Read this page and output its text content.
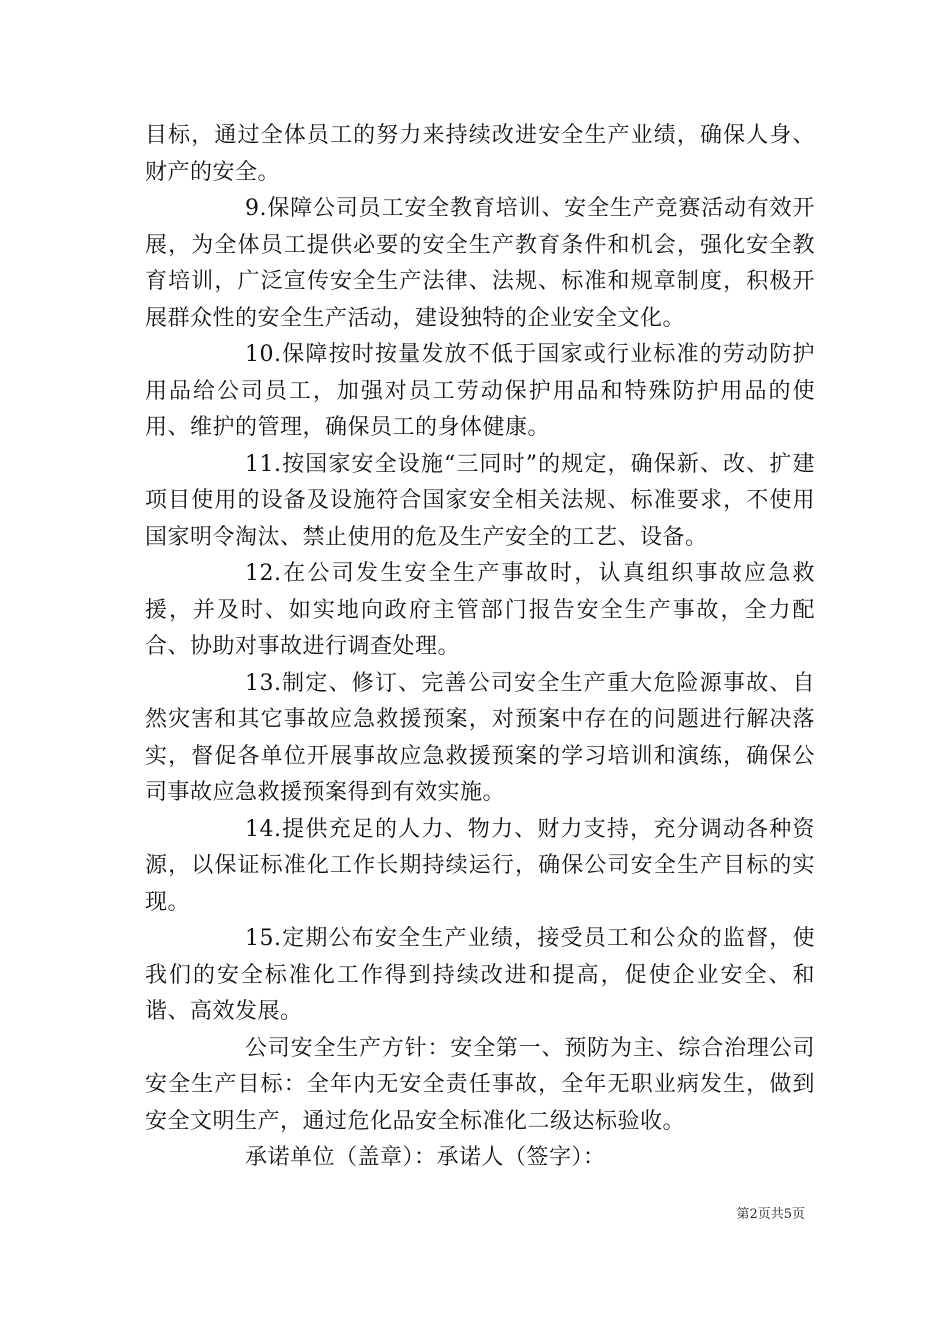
目标，通过全体员工的努力来持续改进安全生产业绩，确保人身、财产的安全。

9.保障公司员工安全教育培训、安全生产竞赛活动有效开展，为全体员工提供必要的安全生产教育条件和机会，强化安全教育培训，广泛宣传安全生产法律、法规、标准和规章制度，积极开展群众性的安全生产活动，建设独特的企业安全文化。

10.保障按时按量发放不低于国家或行业标准的劳动防护用品给公司员工，加强对员工劳动保护用品和特殊防护用品的使用、维护的管理，确保员工的身体健康。

11.按国家安全设施“三同时”的规定，确保新、改、扩建项目使用的设备及设施符合国家安全相关法规、标准要求，不使用国家明令淘汰、禁止使用的危及生产安全的工艺、设备。

12.在公司发生安全生产事故时，认真组织事故应急救援，并及时、如实地向政府主管部门报告安全生产事故，全力配合、协助对事故进行调查处理。

13.制定、修订、完善公司安全生产重大危险源事故、自然灾害和其它事故应急救援预案，对预案中存在的问题进行解决落实，督促各单位开展事故应急救援预案的学习培训和演练，确保公司事故应急救援预案得到有效实施。

14.提供充足的人力、物力、财力支持，充分调动各种资源，以保证标准化工作长期持续运行，确保公司安全生产目标的实现。

15.定期公布安全生产业绩，接受员工和公众的监督，使我们的安全标准化工作得到持续改进和提高，促使企业安全、和谐、高效发展。

公司安全生产方针：安全第一、预防为主、综合治理公司安全生产目标：全年内无安全责任事故，全年无职业病发生，做到安全文明生产，通过危化品安全标准化二级达标验收。

承诺单位（盖章）：承诺人（签字）：

第2页共5页
